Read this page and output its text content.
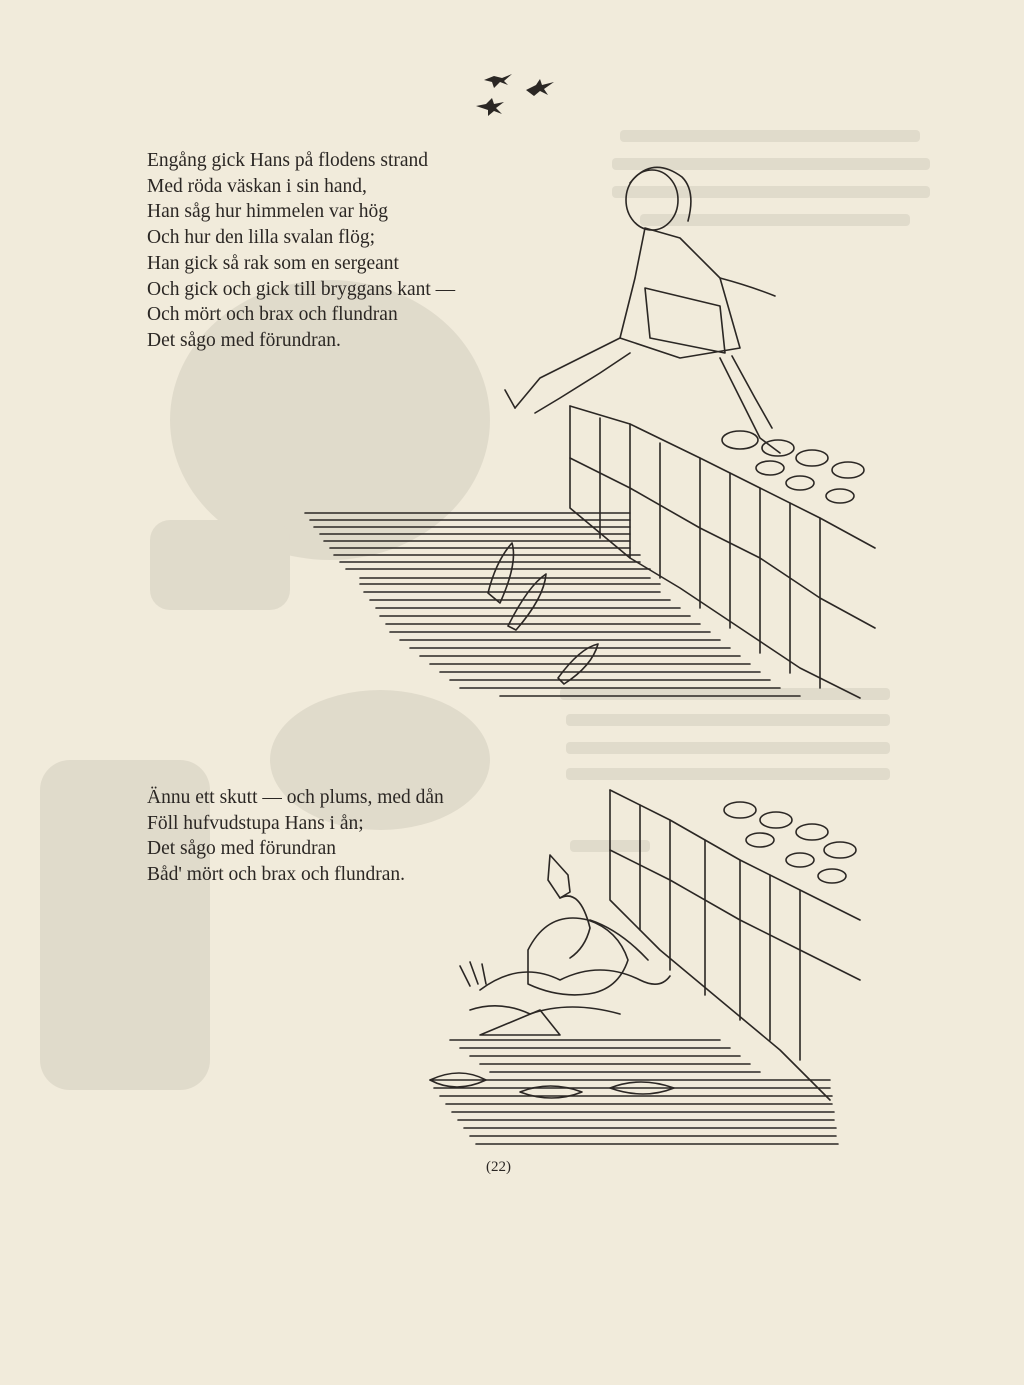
Engång gick Hans på flodens strand
Med röda väskan i sin hand,
Han såg hur himmelen var hög
Och hur den lilla svalan flög;
Han gick så rak som en sergeant
Och gick och gick till bryggans kant —
Och mört och brax och flundran
Det sågo med förundran.
Ännu ett skutt — och plums, med dån
Föll hufvudstupa Hans i ån;
Det sågo med förundran
Båd' mört och brax och flundran.
(22)
